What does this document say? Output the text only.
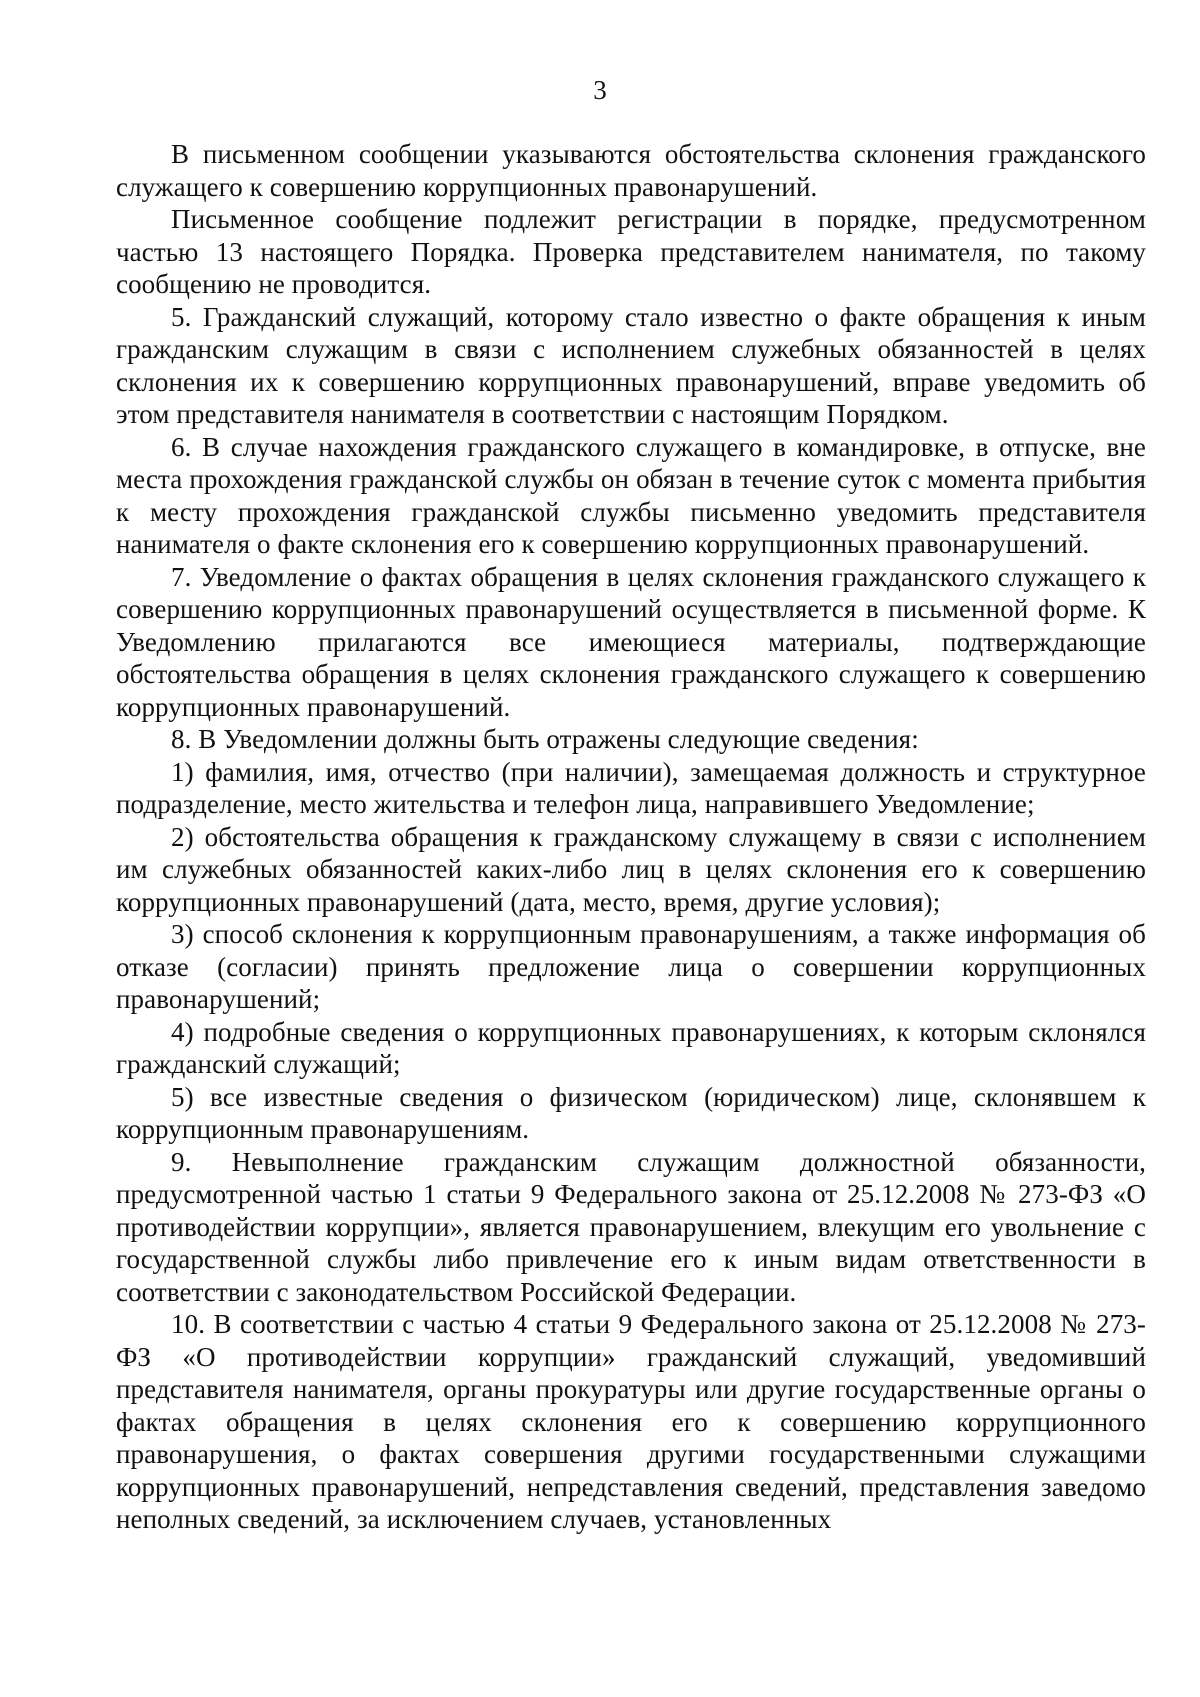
3

В письменном сообщении указываются обстоятельства склонения гражданского служащего к совершению коррупционных правонарушений.

Письменное сообщение подлежит регистрации в порядке, предусмотренном частью 13 настоящего Порядка. Проверка представителем нанимателя, по такому сообщению не проводится.

5. Гражданский служащий, которому стало известно о факте обращения к иным гражданским служащим в связи с исполнением служебных обязанностей в целях склонения их к совершению коррупционных правонарушений, вправе уведомить об этом представителя нанимателя в соответствии с настоящим Порядком.

6. В случае нахождения гражданского служащего в командировке, в отпуске, вне места прохождения гражданской службы он обязан в течение суток с момента прибытия к месту прохождения гражданской службы письменно уведомить представителя нанимателя о факте склонения его к совершению коррупционных правонарушений.

7. Уведомление о фактах обращения в целях склонения гражданского служащего к совершению коррупционных правонарушений осуществляется в письменной форме. К Уведомлению прилагаются все имеющиеся материалы, подтверждающие обстоятельства обращения в целях склонения гражданского служащего к совершению коррупционных правонарушений.

8. В Уведомлении должны быть отражены следующие сведения:

1) фамилия, имя, отчество (при наличии), замещаемая должность и структурное подразделение, место жительства и телефон лица, направившего Уведомление;

2) обстоятельства обращения к гражданскому служащему в связи с исполнением им служебных обязанностей каких-либо лиц в целях склонения его к совершению коррупционных правонарушений (дата, место, время, другие условия);

3) способ склонения к коррупционным правонарушениям, а также информация об отказе (согласии) принять предложение лица о совершении коррупционных правонарушений;

4) подробные сведения о коррупционных правонарушениях, к которым склонялся гражданский служащий;

5) все известные сведения о физическом (юридическом) лице, склонявшем к коррупционным правонарушениям.

9. Невыполнение гражданским служащим должностной обязанности, предусмотренной частью 1 статьи 9 Федерального закона от 25.12.2008 № 273-ФЗ «О противодействии коррупции», является правонарушением, влекущим его увольнение с государственной службы либо привлечение его к иным видам ответственности в соответствии с законодательством Российской Федерации.

10. В соответствии с частью 4 статьи 9 Федерального закона от 25.12.2008 № 273-ФЗ «О противодействии коррупции» гражданский служащий, уведомивший представителя нанимателя, органы прокуратуры или другие государственные органы о фактах обращения в целях склонения его к совершению коррупционного правонарушения, о фактах совершения другими государственными служащими коррупционных правонарушений, непредставления сведений, представления заведомо неполных сведений, за исключением случаев, установленных
